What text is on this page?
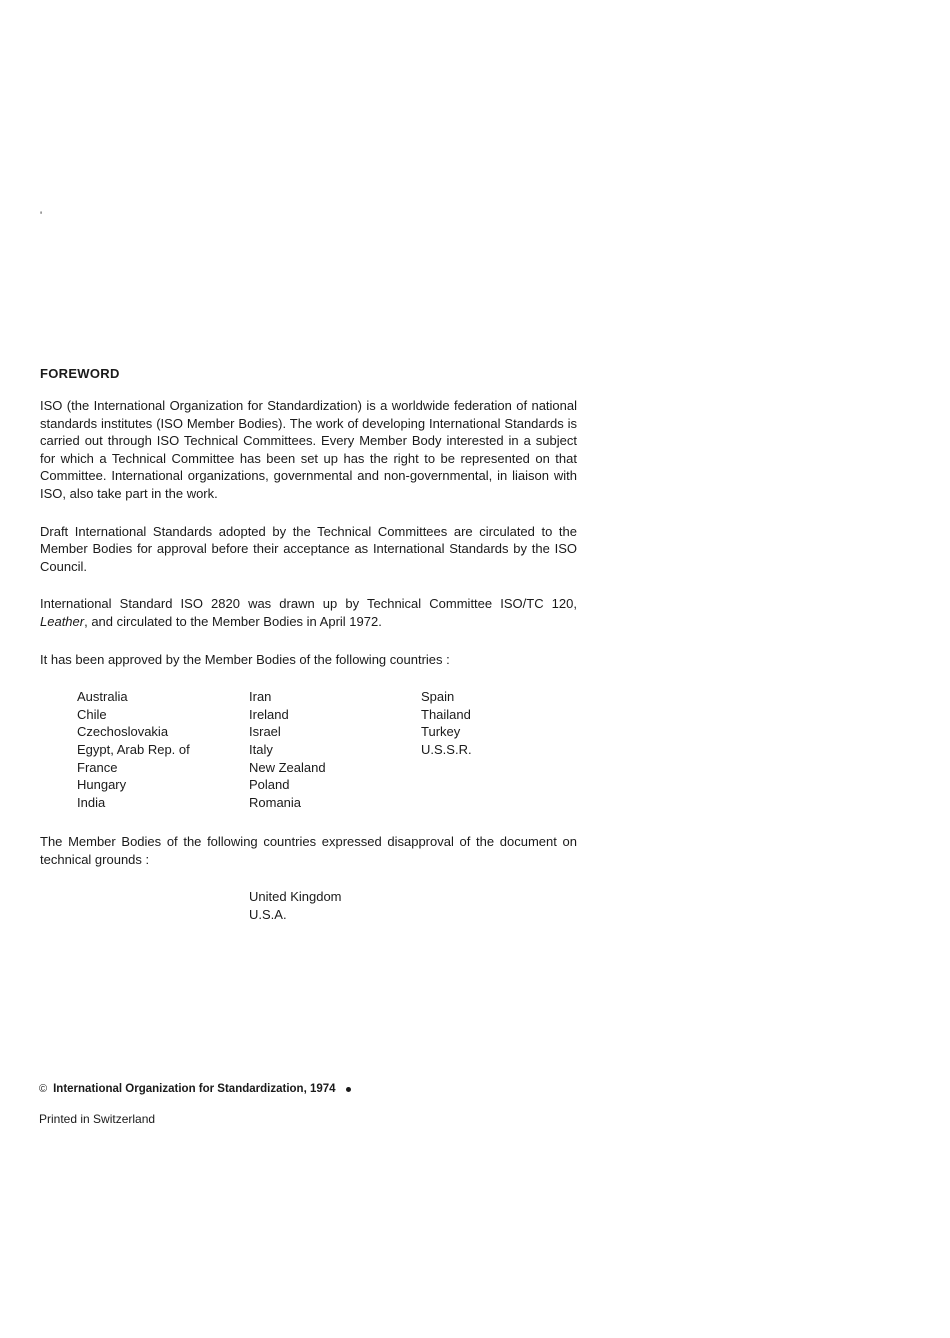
'
FOREWORD

ISO (the International Organization for Standardization) is a worldwide federation of national standards institutes (ISO Member Bodies). The work of developing International Standards is carried out through ISO Technical Committees. Every Member Body interested in a subject for which a Technical Committee has been set up has the right to be represented on that Committee. International organizations, governmental and non-governmental, in liaison with ISO, also take part in the work.

Draft International Standards adopted by the Technical Committees are circulated to the Member Bodies for approval before their acceptance as International Standards by the ISO Council.

International Standard ISO 2820 was drawn up by Technical Committee ISO/TC 120, Leather, and circulated to the Member Bodies in April 1972.

It has been approved by the Member Bodies of the following countries :

Australia
Chile
Czechoslovakia
Egypt, Arab Rep. of
France
Hungary
India
Iran
Ireland
Israel
Italy
New Zealand
Poland
Romania
Spain
Thailand
Turkey
U.S.S.R.

The Member Bodies of the following countries expressed disapproval of the document on technical grounds :

United Kingdom
U.S.A.
© International Organization for Standardization, 1974
Printed in Switzerland
